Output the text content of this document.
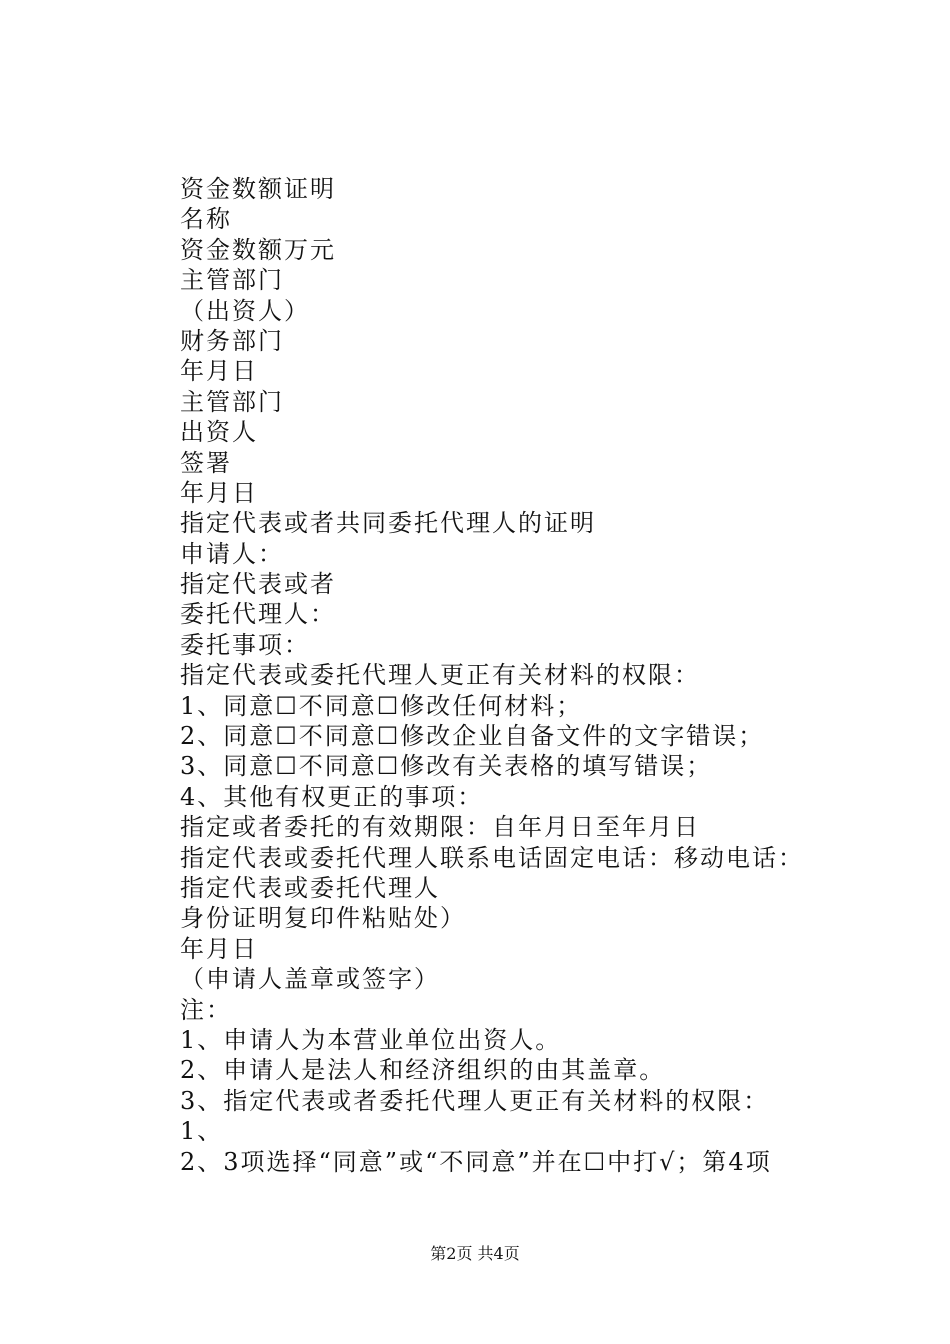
资金数额证明
名称
资金数额万元
主管部门
（出资人）
财务部门
年月日
主管部门
出资人
签署
年月日
指定代表或者共同委托代理人的证明
申请人：
指定代表或者
委托代理人：
委托事项：
指定代表或委托代理人更正有关材料的权限：
1、同意☐不同意☐修改任何材料；
2、同意☐不同意☐修改企业自备文件的文字错误；
3、同意☐不同意☐修改有关表格的填写错误；
4、其他有权更正的事项：
指定或者委托的有效期限：自年月日至年月日
指定代表或委托代理人联系电话固定电话：移动电话：
指定代表或委托代理人
身份证明复印件粘贴处）
年月日
（申请人盖章或签字）
注：
1、申请人为本营业单位出资人。
2、申请人是法人和经济组织的由其盖章。
3、指定代表或者委托代理人更正有关材料的权限：
1、
2、3项选择“同意”或“不同意”并在☐中打√；第4项
第2页 共4页
